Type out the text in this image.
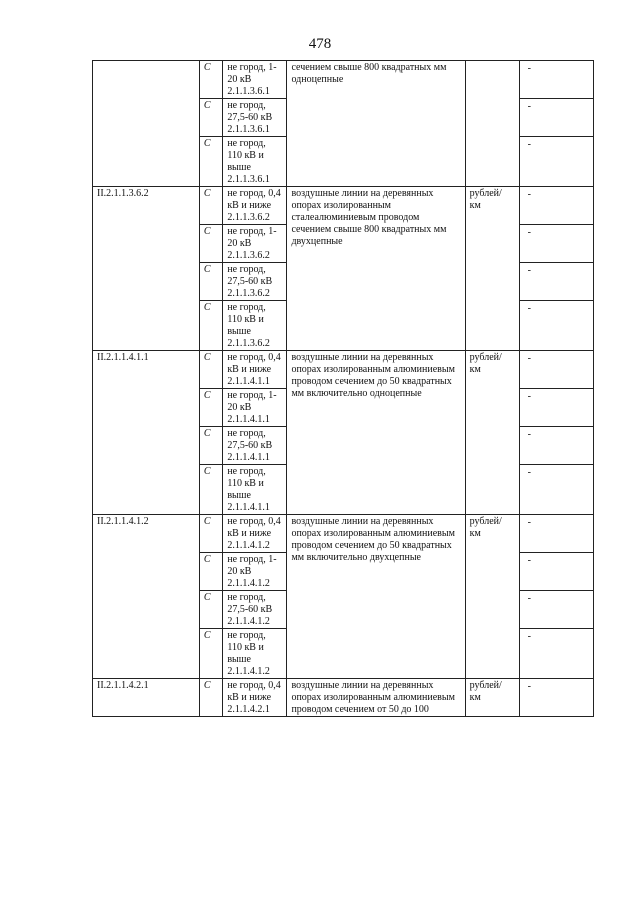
478
	С	не город, 1-20 кВ 2.1.1.3.6.1	сечением свыше 800 квадратных мм одноцепные		-
	С	не город, 27,5-60 кВ 2.1.1.3.6.1			-
	С	не город, 110 кВ и выше 2.1.1.3.6.1			-
II.2.1.1.3.6.2	С	не город, 0,4 кВ и ниже 2.1.1.3.6.2	воздушные линии на деревянных опорах изолированным сталеалюминиевым проводом сечением свыше 800 квадратных мм двухцепные	рублей/ км	-
	С	не город, 1-20 кВ 2.1.1.3.6.2			-
	С	не город, 27,5-60 кВ 2.1.1.3.6.2			-
	С	не город, 110 кВ и выше 2.1.1.3.6.2			-
II.2.1.1.4.1.1	С	не город, 0,4 кВ и ниже 2.1.1.4.1.1	воздушные линии на деревянных опорах изолированным алюминиевым проводом сечением до 50 квадратных мм включительно одноцепные	рублей/ км	-
	С	не город, 1-20 кВ 2.1.1.4.1.1			-
	С	не город, 27,5-60 кВ 2.1.1.4.1.1			-
	С	не город, 110 кВ и выше 2.1.1.4.1.1			-
II.2.1.1.4.1.2	С	не город, 0,4 кВ и ниже 2.1.1.4.1.2	воздушные линии на деревянных опорах изолированным алюминиевым проводом сечением до 50 квадратных мм включительно двухцепные	рублей/ км	-
	С	не город, 1-20 кВ 2.1.1.4.1.2			-
	С	не город, 27,5-60 кВ 2.1.1.4.1.2			-
	С	не город, 110 кВ и выше 2.1.1.4.1.2			-
II.2.1.1.4.2.1	С	не город, 0,4 кВ и ниже 2.1.1.4.2.1	воздушные линии на деревянных опорах изолированным алюминиевым проводом сечением от 50 до 100	рублей/ км	-
